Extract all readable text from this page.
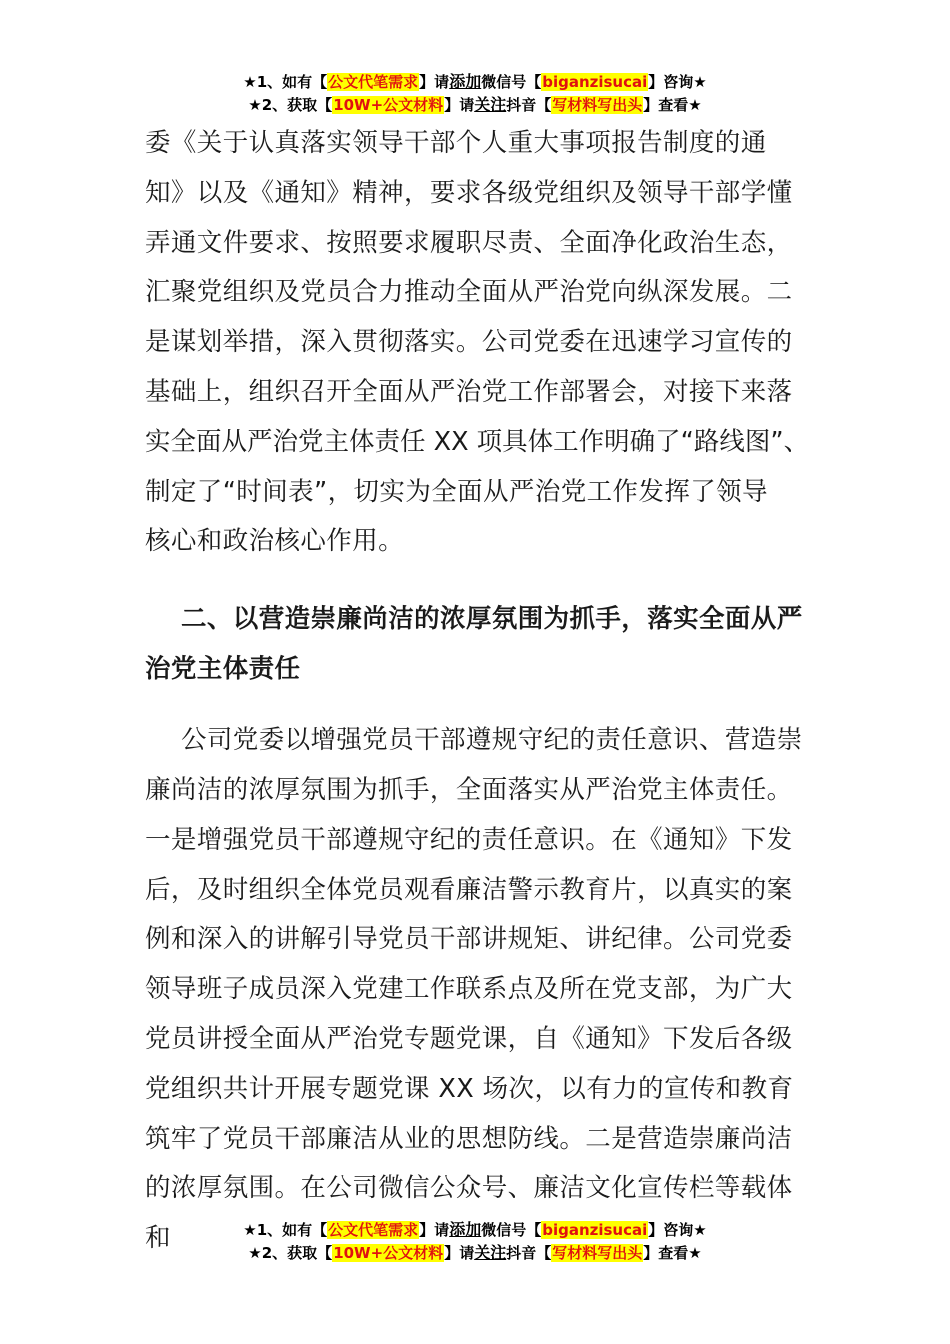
★1、如有【公文代笔需求】请添加微信号【biganzisucai】咨询★
★2、获取【10W+公文材料】请关注抖音【写材料写出头】查看★

委《关于认真落实领导干部个人重大事项报告制度的通
知》以及《通知》精神，要求各级党组织及领导干部学懂
弄通文件要求、按照要求履职尽责、全面净化政治生态，
汇聚党组织及党员合力推动全面从严治党向纵深发展。二
是谋划举措，深入贯彻落实。公司党委在迅速学习宣传的
基础上，组织召开全面从严治党工作部署会，对接下来落
实全面从严治党主体责任 XX 项具体工作明确了“路线图”、
制定了“时间表”，切实为全面从严治党工作发挥了领导
核心和政治核心作用。

二、以营造崇廉尚洁的浓厚氛围为抓手，落实全面从严治党主体责任

公司党委以增强党员干部遵规守纪的责任意识、营造崇廉尚洁的浓厚氛围为抓手，全面落实从严治党主体责任。一是增强党员干部遵规守纪的责任意识。在《通知》下发后，及时组织全体党员观看廉洁警示教育片，以真实的案例和深入的讲解引导党员干部讲规矩、讲纪律。公司党委领导班子成员深入党建工作联系点及所在党支部，为广大党员讲授全面从严治党专题党课，自《通知》下发后各级党组织共计开展专题党课 XX 场次，以有力的宣传和教育筑牢了党员干部廉洁从业的思想防线。二是营造崇廉尚洁的浓厚氛围。在公司微信公众号、廉洁文化宣传栏等载体和	★1、如有【公文代笔需求】请添加微信号【biganzisucai】咨询★
★2、获取【10W+公文材料】请关注抖音【写材料写出头】查看★
